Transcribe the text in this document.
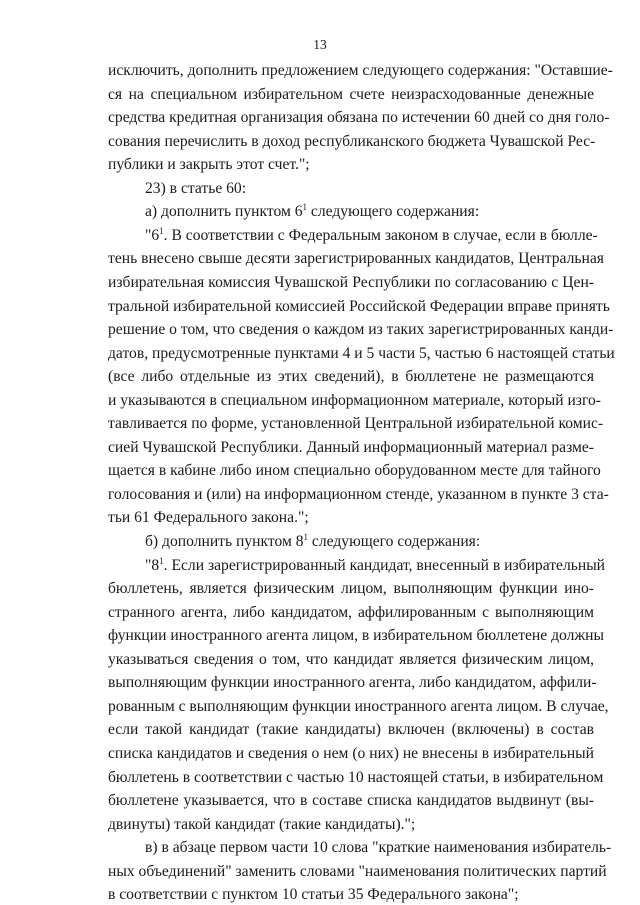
13
исключить, дополнить предложением следующего содержания: "Оставшие-
ся на специальном избирательном счете неизрасходованные денежные
средства кредитная организация обязана по истечении 60 дней со дня голо-
сования перечислить в доход республиканского бюджета Чувашской Рес-
публики и закрыть этот счет.";
23) в статье 60:
а) дополнить пунктом $6^1$ следующего содержания:
"$6^1$. В соответствии с Федеральным законом в случае, если в бюлле-
тень внесено свыше десяти зарегистрированных кандидатов, Центральная
избирательная комиссия Чувашской Республики по согласованию с Цен-
тральной избирательной комиссией Российской Федерации вправе принять
решение о том, что сведения о каждом из таких зарегистрированных канди-
датов, предусмотренные пунктами 4 и 5 части 5, частью 6 настоящей статьи
(все либо отдельные из этих сведений), в бюллетене не размещаются
и указываются в специальном информационном материале, который изго-
тавливается по форме, установленной Центральной избирательной комис-
сией Чувашской Республики. Данный информационный материал разме-
щается в кабине либо ином специально оборудованном месте для тайного
голосования и (или) на информационном стенде, указанном в пункте 3 ста-
тьи 61 Федерального закона.";
б) дополнить пунктом $8^1$ следующего содержания:
"$8^1$. Если зарегистрированный кандидат, внесенный в избирательный
бюллетень, является физическим лицом, выполняющим функции ино-
странного агента, либо кандидатом, аффилированным с выполняющим
функции иностранного агента лицом, в избирательном бюллетене должны
указываться сведения о том, что кандидат является физическим лицом,
выполняющим функции иностранного агента, либо кандидатом, аффили-
рованным с выполняющим функции иностранного агента лицом. В случае,
если такой кандидат (такие кандидаты) включен (включены) в состав
списка кандидатов и сведения о нем (о них) не внесены в избирательный
бюллетень в соответствии с частью 10 настоящей статьи, в избирательном
бюллетене указывается, что в составе списка кандидатов выдвинут (вы-
двинуты) такой кандидат (такие кандидаты).";
в) в абзаце первом части 10 слова "краткие наименования избиратель-
ных объединений" заменить словами "наименования политических партий
в соответствии с пунктом 10 статьи 35 Федерального закона";
